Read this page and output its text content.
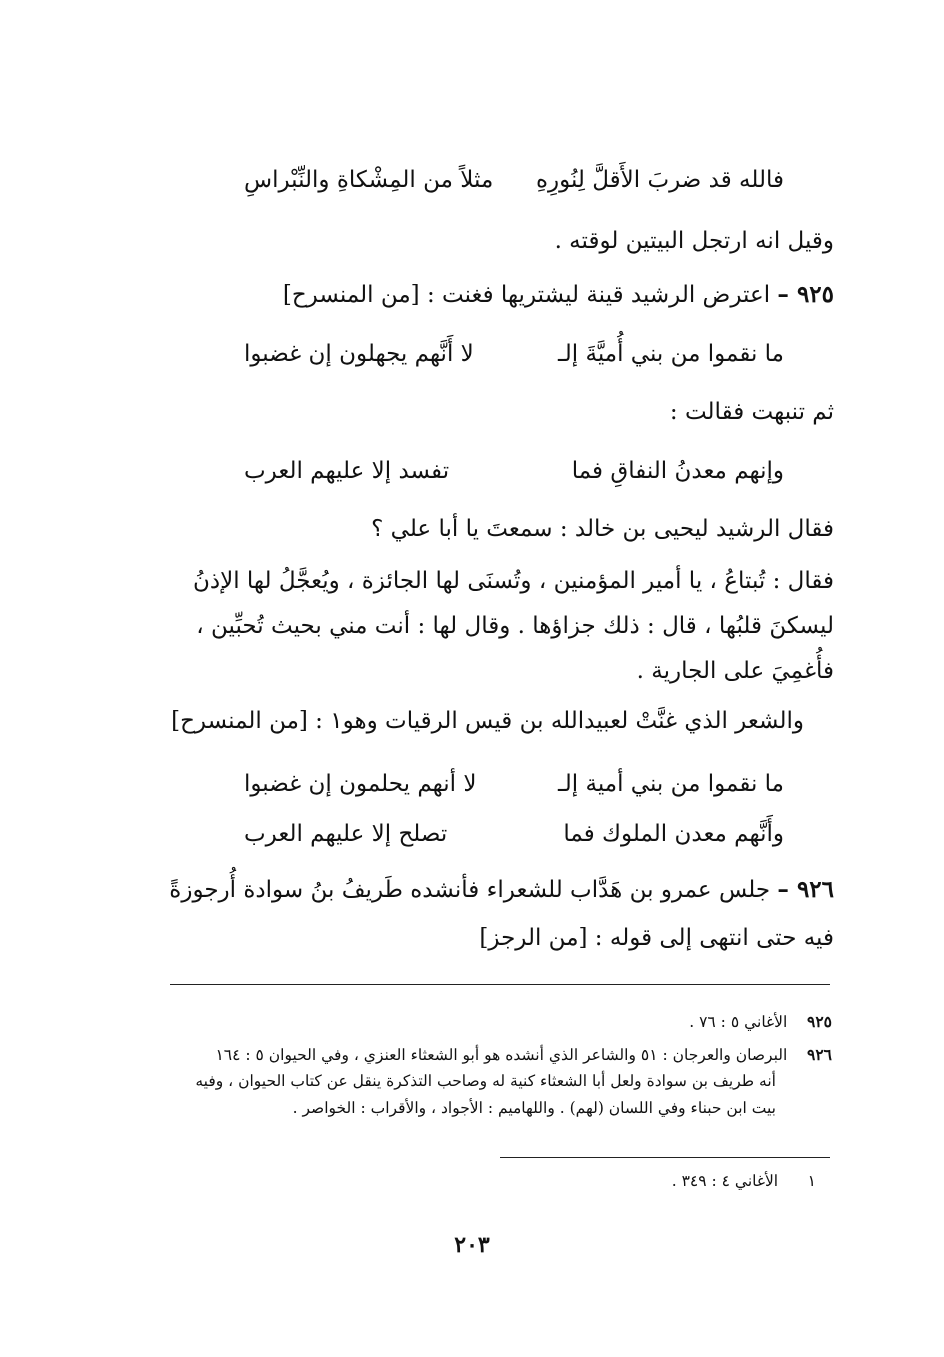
فالله قد ضربَ الأَقلَّ لِنُورِهِ
مثلاً من المِشْكاةِ والنِّبْراسِ
وقيل انه ارتجل البيتين لوقته .
٩٢٥ – اعترض الرشيد قينة ليشتريها فغنت : [من المنسرح]
ما نقموا من بني أُميَّةَ إلـ
لا أَنَّهم يجهلون إن غضبوا
ثم تنبهت فقالت :
وإنهم معدنُ النفاقِ فما
تفسد إلا عليهم العرب
فقال الرشيد ليحيى بن خالد : سمعتَ يا أبا علي ؟
فقال : تُبتاعُ ، يا أمير المؤمنين ، وتُسنَى لها الجائزة ، ويُعجَّلُ لها الإذنُ
ليسكنَ قلبُها ، قال : ذلك جزاؤها . وقال لها : أنت مني بحيث تُحبِّين ،
فأُغمِيَ على الجارية .
والشعر الذي غنَّتْ لعبيدالله بن قيس الرقيات وهو١ : [من المنسرح]
ما نقموا من بني أمية إلـ
لا أنهم يحلمون إن غضبوا
وأَنَّهم معدن الملوك فما
تصلح إلا عليهم العرب
٩٢٦ – جلس عمرو بن هَدَّاب للشعراء فأنشده طَريفُ بنُ سوادة أُرجوزةً
فيه حتى انتهى إلى قوله : [من الرجز]
٩٢٥    الأغاني ٥ : ٧٦ .
٩٢٦    البرصان والعرجان : ٥١ والشاعر الذي أنشده هو أبو الشعثاء العنزي ، وفي الحيوان ٥ : ١٦٤
أنه طريف بن سوادة ولعل أبا الشعثاء كنية له وصاحب التذكرة ينقل عن كتاب الحيوان ، وفيه
بيت ابن حبناء وفي اللسان (لهم) . واللهاميم : الأجواد ، والأقراب : الخواصر .
١      الأغاني ٤ : ٣٤٩ .
٢٠٣
